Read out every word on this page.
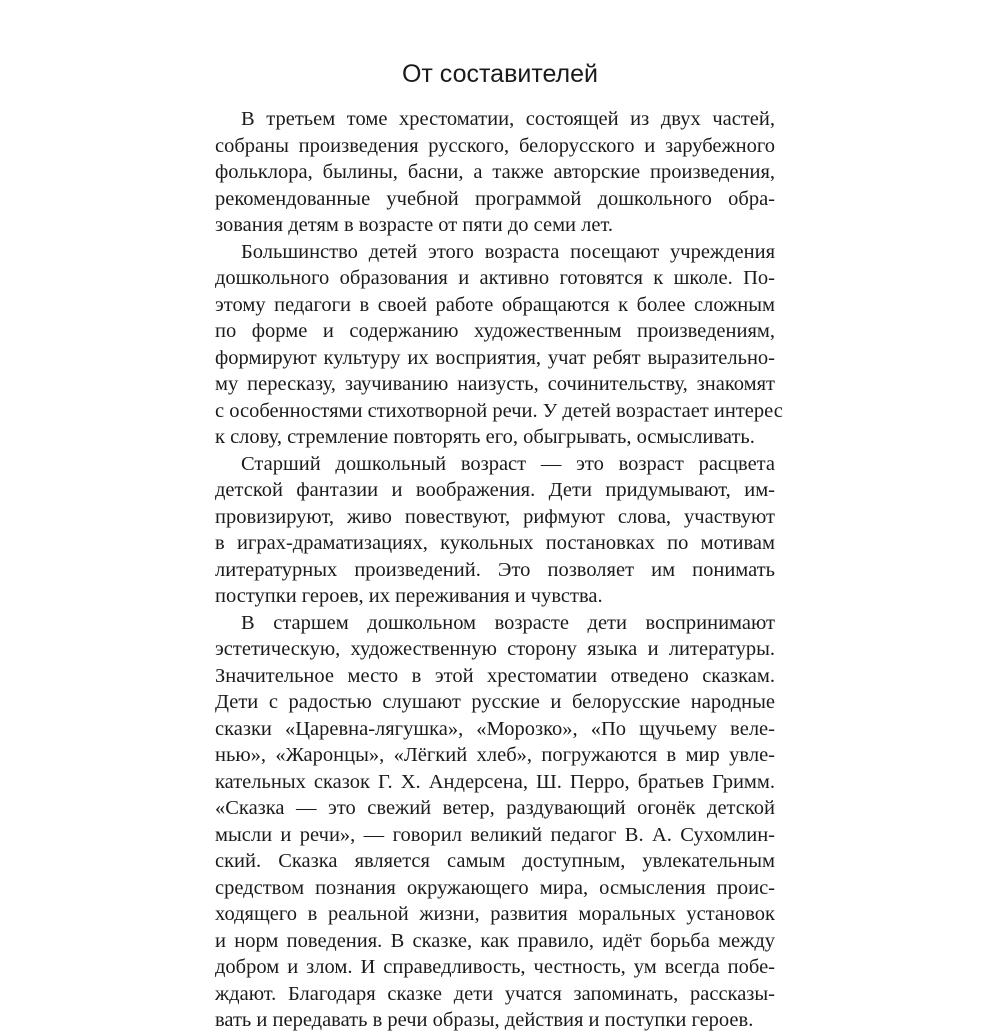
От составителей
В третьем томе хрестоматии, состоящей из двух частей,
собраны произведения русского, белорусского и зарубежного
фольклора, былины, басни, а также авторские произведения,
рекомендованные учебной программой дошкольного обра-
зования детям в возрасте от пяти до семи лет.
Большинство детей этого возраста посещают учреждения
дошкольного образования и активно готовятся к школе. По-
этому педагоги в своей работе обращаются к более сложным
по форме и содержанию художественным произведениям,
формируют культуру их восприятия, учат ребят выразительно-
му пересказу, заучиванию наизусть, сочинительству, знакомят
с особенностями стихотворной речи. У детей возрастает интерес
к слову, стремление повторять его, обыгрывать, осмысливать.
Старший дошкольный возраст — это возраст расцвета
детской фантазии и воображения. Дети придумывают, им-
провизируют, живо повествуют, рифмуют слова, участвуют
в играх-драматизациях, кукольных постановках по мотивам
литературных произведений. Это позволяет им понимать
поступки героев, их переживания и чувства.
В старшем дошкольном возрасте дети воспринимают
эстетическую, художественную сторону языка и литературы.
Значительное место в этой хрестоматии отведено сказкам.
Дети с радостью слушают русские и белорусские народные
сказки «Царевна-лягушка», «Морозко», «По щучьему веле-
нью», «Жаронцы», «Лёгкий хлеб», погружаются в мир увле-
кательных сказок Г. Х. Андерсена, Ш. Перро, братьев Гримм.
«Сказка — это свежий ветер, раздувающий огонёк детской
мысли и речи», — говорил великий педагог В. А. Сухомлин-
ский. Сказка является самым доступным, увлекательным
средством познания окружающего мира, осмысления проис-
ходящего в реальной жизни, развития моральных установок
и норм поведения. В сказке, как правило, идёт борьба между
добром и злом. И справедливость, честность, ум всегда побе-
ждают. Благодаря сказке дети учатся запоминать, рассказы-
вать и передавать в речи образы, действия и поступки героев.
